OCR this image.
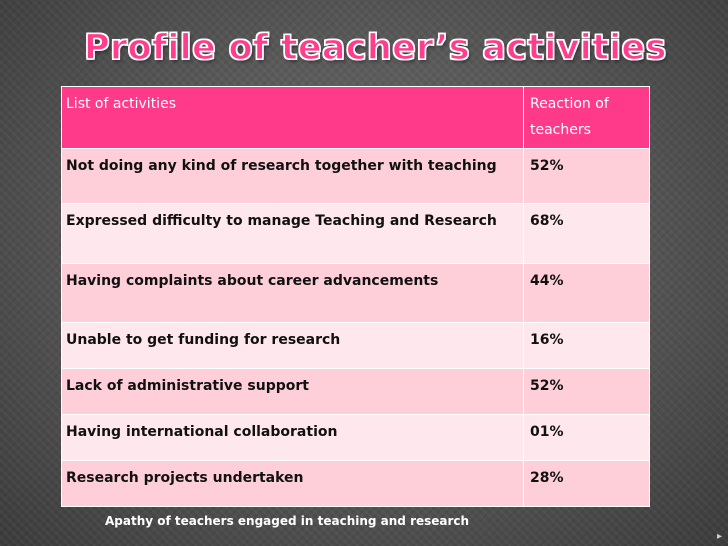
Profile of teacher’s activities
List of activities	Reaction of teachers
Not doing any kind of research together with teaching	52%
Expressed difficulty to manage Teaching and Research	68%
Having complaints about career advancements	44%
Unable to get funding for research	16%
Lack of administrative support	52%
Having international collaboration	01%
Research projects undertaken	28%
Apathy of teachers engaged in teaching and research
▸
